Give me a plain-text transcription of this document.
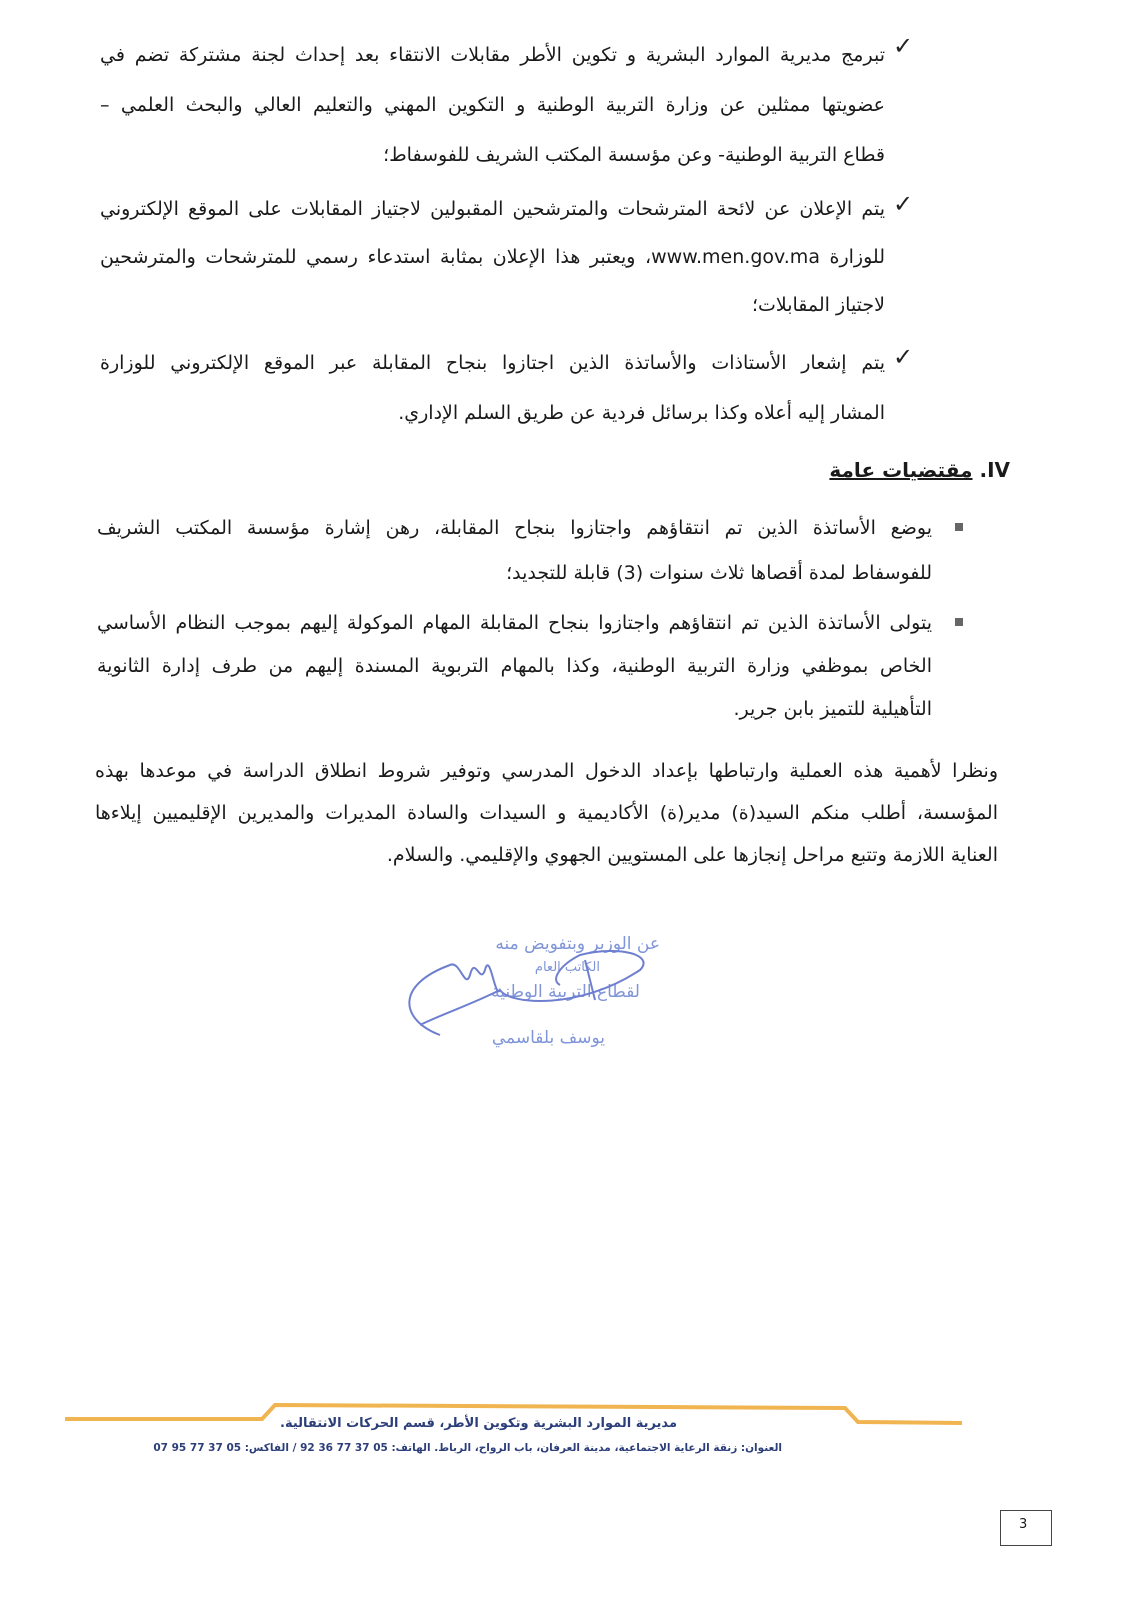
✓
تبرمج مديرية الموارد البشرية و تكوين الأطر مقابلات الانتقاء بعد إحداث لجنة مشتركة تضم في
عضويتها ممثلين عن وزارة التربية الوطنية و التكوين المهني والتعليم العالي والبحث العلمي –
قطاع التربية الوطنية- وعن مؤسسة المكتب الشريف للفوسفاط؛
✓
يتم الإعلان عن لائحة المترشحات والمترشحين المقبولين لاجتياز المقابلات على الموقع الإلكتروني
للوزارة www.men.gov.ma، ويعتبر هذا الإعلان بمثابة استدعاء رسمي للمترشحات والمترشحين
لاجتياز المقابلات؛
✓
يتم إشعار الأستاذات والأساتذة الذين اجتازوا بنجاح المقابلة عبر الموقع الإلكتروني للوزارة
المشار إليه أعلاه وكذا برسائل فردية عن طريق السلم الإداري.
IV. مقتضيات عامة
يوضع الأساتذة الذين تم انتقاؤهم واجتازوا بنجاح المقابلة، رهن إشارة مؤسسة المكتب الشريف
للفوسفاط لمدة أقصاها ثلاث سنوات (3) قابلة للتجديد؛
يتولى الأساتذة الذين تم انتقاؤهم واجتازوا بنجاح المقابلة المهام الموكولة إليهم بموجب النظام الأساسي
الخاص بموظفي وزارة التربية الوطنية، وكذا بالمهام التربوية المسندة إليهم من طرف إدارة الثانوية
التأهيلية للتميز بابن جرير.
ونظرا لأهمية هذه العملية وارتباطها بإعداد الدخول المدرسي وتوفير شروط انطلاق الدراسة في موعدها بهذه
المؤسسة، أطلب منكم السيد(ة) مدير(ة) الأكاديمية و السيدات والسادة المديرات والمديرين الإقليميين إيلاءها
العناية اللازمة وتتبع مراحل إنجازها على المستويين الجهوي والإقليمي. والسلام.
عن الوزير وبتفويض منه
الكاتب العام
لقطاع التربية الوطنية
يوسف بلقاسمي
مديرية الموارد البشرية وتكوين الأطر، قسم الحركات الانتقالية.
العنوان: زنقة الرعاية الاجتماعية، مدينة العرفان، باب الرواح، الرباط. الهاتف: 05 37 77 36 92 / الفاكس: 05 37 77 95 07
3
